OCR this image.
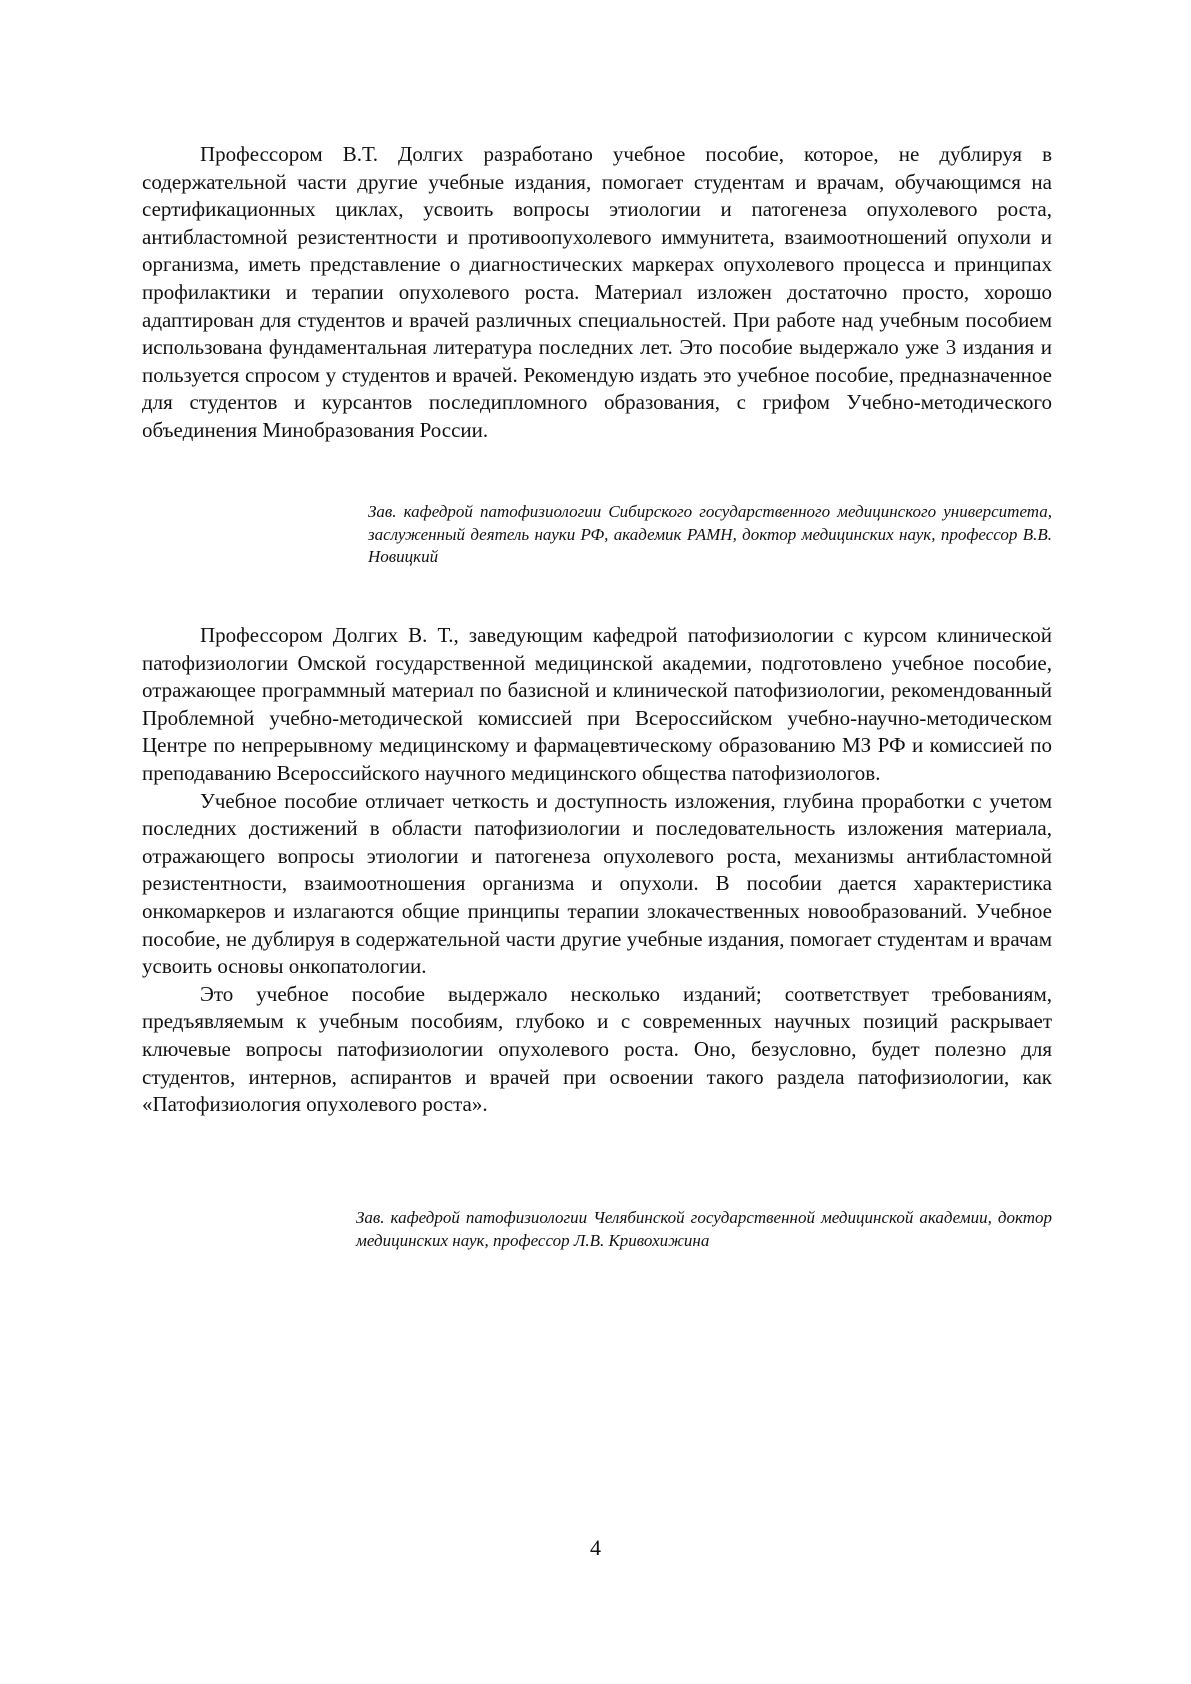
Профессором В.Т. Долгих разработано учебное пособие, которое, не дублируя в содержательной части другие учебные издания, помогает студентам и врачам, обучающимся на сертификационных циклах, усвоить вопросы этиологии и патогенеза опухолевого роста, антибластомной резистентности и противоопухолевого иммунитета, взаимоотношений опухоли и организма, иметь представление о диагностических маркерах опухолевого процесса и принципах профилактики и терапии опухолевого роста. Материал изложен достаточно просто, хорошо адаптирован для студентов и врачей различных специальностей. При работе над учебным пособием использована фундаментальная литература последних лет. Это пособие выдержало уже 3 издания и пользуется спросом у студентов и врачей. Рекомендую издать это учебное пособие, предназначенное для студентов и курсантов последипломного образования, с грифом Учебно-методического объединения Минобразования России.

Зав. кафедрой патофизиологии Сибирского государственного медицинского университета, заслуженный деятель науки РФ, академик РАМН, доктор медицинских наук, профессор В.В. Новицкий

Профессором Долгих В. Т., заведующим кафедрой патофизиологии с курсом клинической патофизиологии Омской государственной медицинской академии, подготовлено учебное пособие, отражающее программный материал по базисной и клинической патофизиологии, рекомендованный Проблемной учебно-методической комиссией при Всероссийском учебно-научно-методическом Центре по непрерывному медицинскому и фармацевтическому образованию МЗ РФ и комиссией по преподаванию Всероссийского научного медицинского общества патофизиологов.

Учебное пособие отличает четкость и доступность изложения, глубина проработки с учетом последних достижений в области патофизиологии и последовательность изложения материала, отражающего вопросы этиологии и патогенеза опухолевого роста, механизмы антибластомной резистентности, взаимоотношения организма и опухоли. В пособии дается характеристика онкомаркеров и излагаются общие принципы терапии злокачественных новообразований. Учебное пособие, не дублируя в содержательной части другие учебные издания, помогает студентам и врачам усвоить основы онкопатологии.

Это учебное пособие выдержало несколько изданий; соответствует требованиям, предъявляемым к учебным пособиям, глубоко и с современных научных позиций раскрывает ключевые вопросы патофизиологии опухолевого роста. Оно, безусловно, будет полезно для студентов, интернов, аспирантов и врачей при освоении такого раздела патофизиологии, как «Патофизиология опухолевого роста».

Зав. кафедрой патофизиологии Челябинской государственной медицинской академии, доктор медицинских наук, профессор Л.В. Кривохижина

4
